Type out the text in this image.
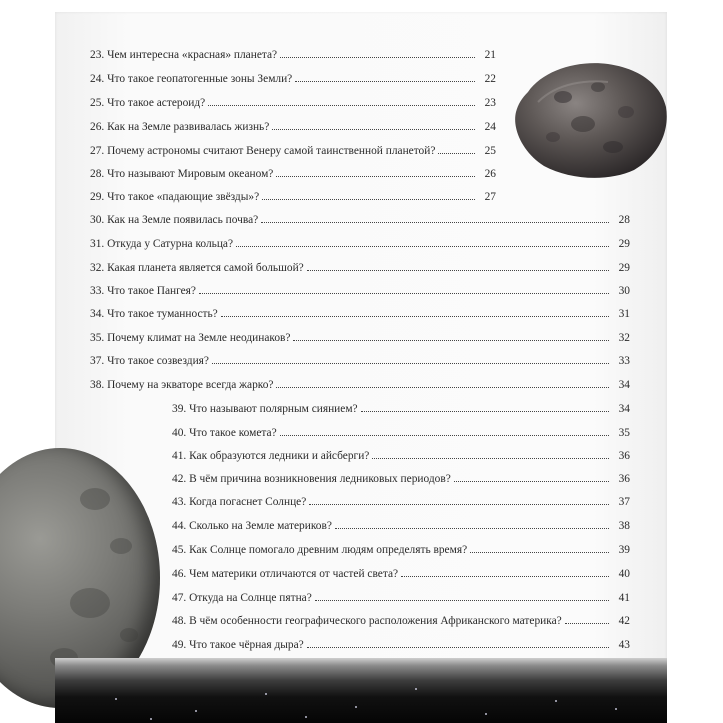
23. Чем интересна «красная» планета?	21
24. Что такое геопатогенные зоны Земли?	22
25. Что такое астероид?	23
26. Как на Земле развивалась жизнь?	24
27. Почему астрономы считают Венеру самой таинственной планетой?	25
28. Что называют Мировым океаном?	26
29. Что такое «падающие звёзды»?	27
30. Как на Земле появилась почва?	28
31. Откуда у Сатурна кольца?	29
32. Какая планета является самой большой?	29
33. Что такое Пангея?	30
34. Что такое туманность?	31
35. Почему климат на Земле неодинаков?	32
37. Что такое созвездия?	33
38. Почему на экваторе всегда жарко?	34
39. Что называют полярным сиянием?	34
40. Что такое комета?	35
41. Как образуются ледники и айсберги?	36
42. В чём причина возникновения ледниковых периодов?	36
43. Когда погаснет Солнце?	37
44. Сколько на Земле материков?	38
45. Как Солнце помогало древним людям определять время?	39
46. Чем материки отличаются от частей света?	40
47. Откуда на Солнце пятна?	41
48. В чём особенности географического расположения Африканского материка?	42
49. Что такое чёрная дыра?	43
